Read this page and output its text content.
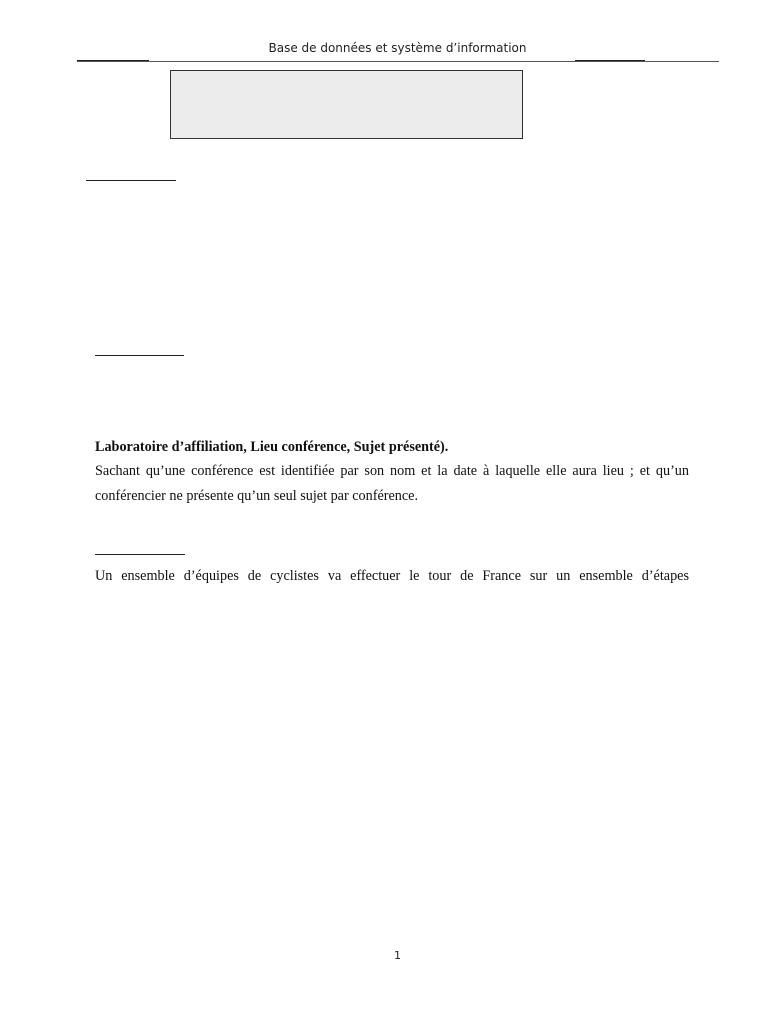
Base de données et système d’information
Laboratoire d’affiliation, Lieu conférence, Sujet présenté).
Sachant qu’une conférence est identifiée par son nom et la date à laquelle elle aura lieu ; et qu’un
conférencier ne présente qu’un seul sujet par conférence.
Un ensemble d’équipes de cyclistes va effectuer le tour de France sur un ensemble d’étapes
1
